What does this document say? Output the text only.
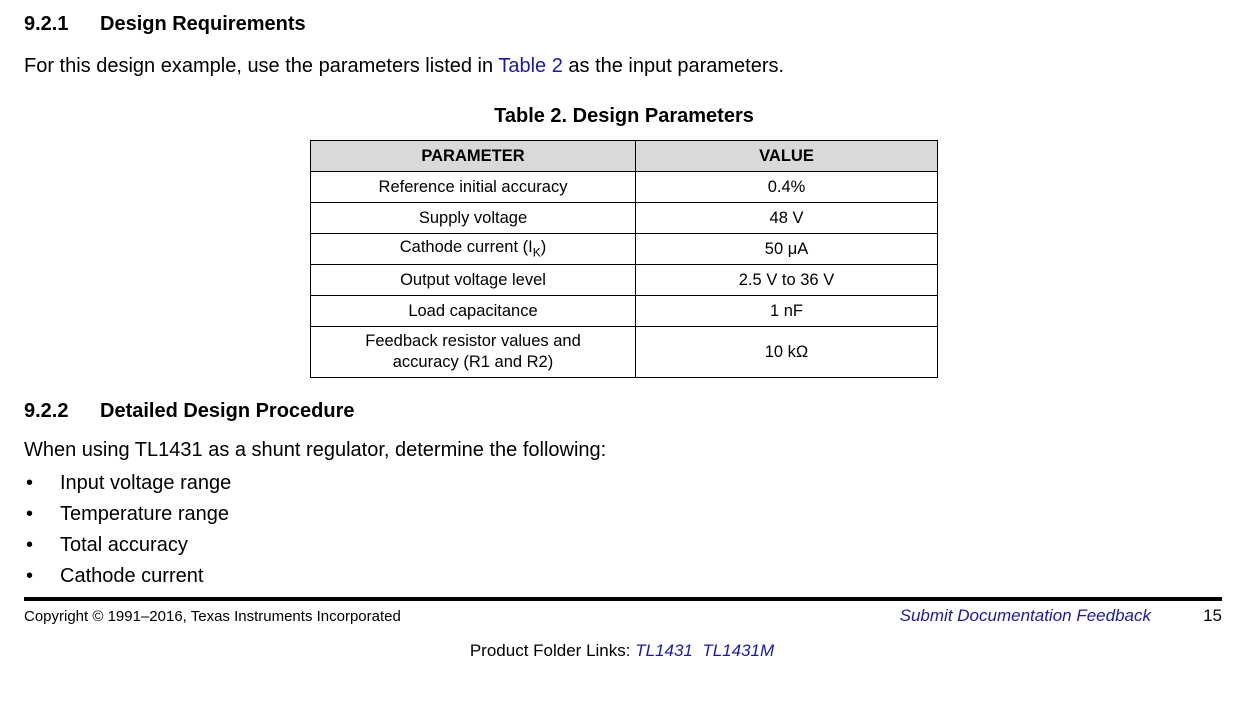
9.2.1 Design Requirements

For this design example, use the parameters listed in Table 2 as the input parameters.

Table 2. Design Parameters
PARAMETER	VALUE
Reference initial accuracy	0.4%
Supply voltage	48 V
Cathode current $(I_K)$	50 μA
Output voltage level	2.5 V to 36 V
Load capacitance	1 nF

Feedback resistor values and
accuracy (R1 and R2)	10 kΩ
9.2.2 Detailed Design Procedure

When using TL1431 as a shunt regulator, determine the following:

• Input voltage range
• Temperature range
• Total accuracy
• Cathode current
Copyright © 1991–2016, Texas Instruments Incorporated	Submit Documentation Feedback	15
Product Folder Links: TL1431 TL1431M
